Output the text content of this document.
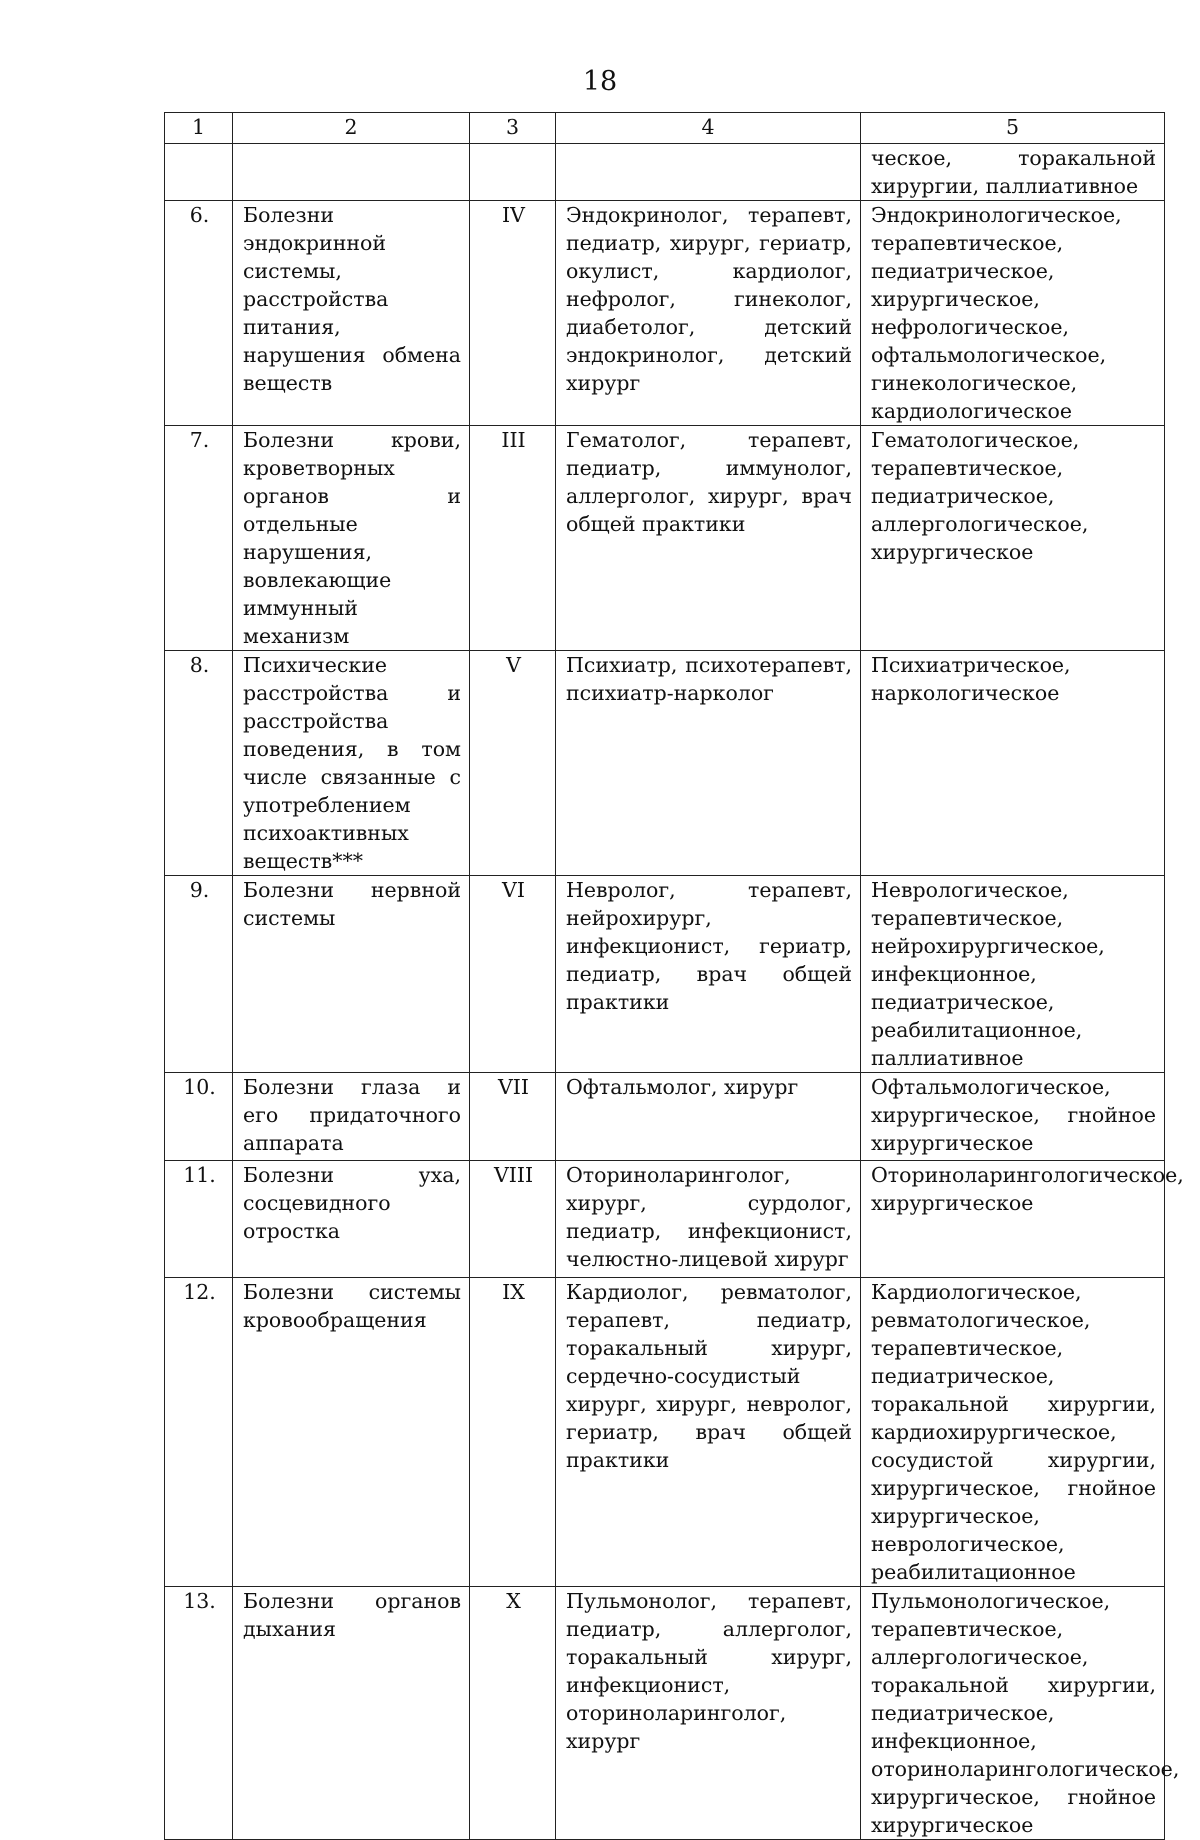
18
1	2	3	4	5
				ческое, торакальной хирургии, паллиативное
6.	Болезни эндокринной системы, расстройства питания, нарушения обмена веществ	IV	Эндокринолог, терапевт, педиатр, хирург, гериатр, окулист, кардиолог, нефролог, гинеколог, диабетолог, детский эндокринолог, детский хирург	Эндокринологическое, терапевтическое, педиатрическое, хирургическое, нефрологическое, офтальмологическое, гинекологическое, кардиологическое
7.	Болезни крови, кроветворных органов и отдельные нарушения, вовлекающие иммунный механизм	III	Гематолог, терапевт, педиатр, иммунолог, аллерголог, хирург, врач общей практики	Гематологическое, терапевтическое, педиатрическое, аллергологическое, хирургическое
8.	Психические расстройства и расстройства поведения, в том числе связанные с употреблением психоактивных веществ***	V	Психиатр, психотерапевт, психиатр-нарколог	Психиатрическое, наркологическое
9.	Болезни нервной системы	VI	Невролог, терапевт, нейрохирург, инфекционист, гериатр, педиатр, врач общей практики	Неврологическое, терапевтическое, нейрохирургическое, инфекционное, педиатрическое, реабилитационное, паллиативное
10.	Болезни глаза и его придаточного аппарата	VII	Офтальмолог, хирург	Офтальмологическое, хирургическое, гнойное хирургическое
11.	Болезни уха, сосцевидного отростка	VIII	Оториноларинголог, хирург, сурдолог, педиатр, инфекционист, челюстно-лицевой хирург	Оториноларингологическое, хирургическое
12.	Болезни системы кровообращения	IX	Кардиолог, ревматолог, терапевт, педиатр, торакальный хирург, сердечно-сосудистый хирург, хирург, невролог, гериатр, врач общей практики	Кардиологическое, ревматологическое, терапевтическое, педиатрическое, торакальной хирургии, кардиохирургическое, сосудистой хирургии, хирургическое, гнойное хирургическое, неврологическое, реабилитационное
13.	Болезни органов дыхания	X	Пульмонолог, терапевт, педиатр, аллерголог, торакальный хирург, инфекционист, оториноларинголог, хирург	Пульмонологическое, терапевтическое, аллергологическое, торакальной хирургии, педиатрическое, инфекционное, оториноларингологическое, хирургическое, гнойное хирургическое
